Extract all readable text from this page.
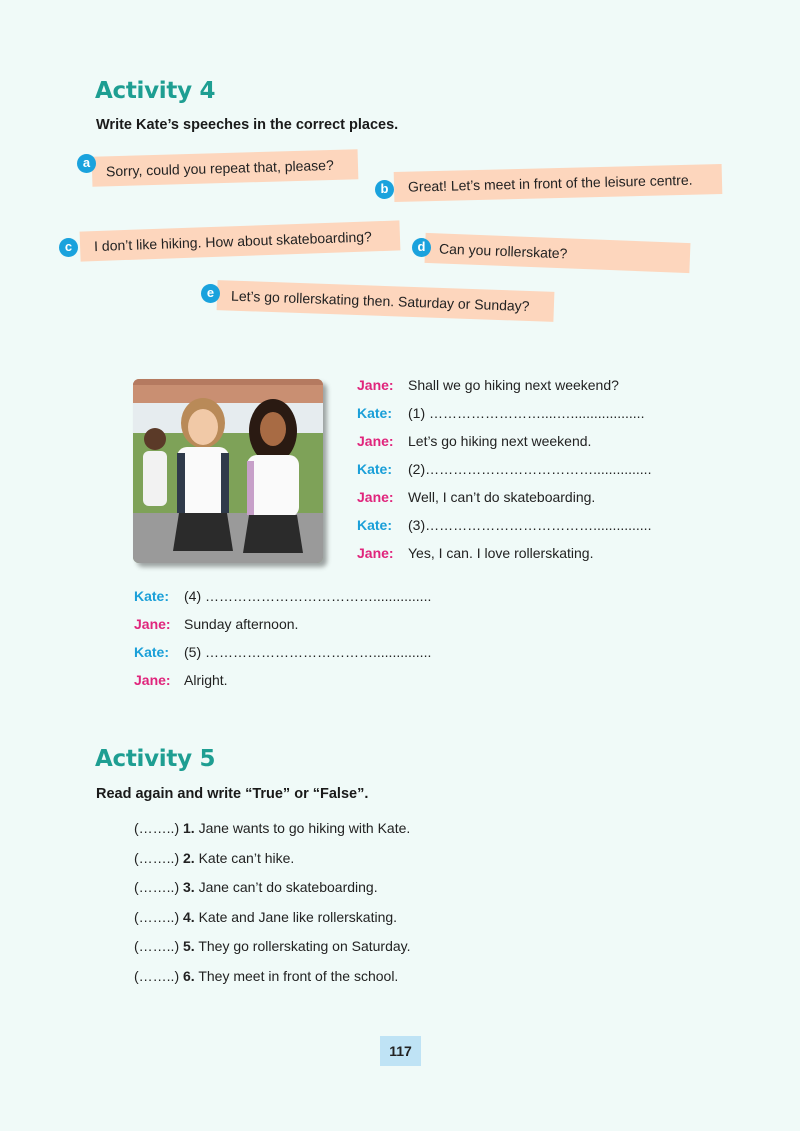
Activity 4

Write Kate’s speeches in the correct places.

Sorry, could you repeat that, please?
a
Great! Let’s meet in front of the leisure centre.
b
I don’t like hiking. How about skateboarding?
c	Can you rollerskate?
d
Let’s go rollerskating then. Saturday or Sunday?
e
Jane: Shall we go hiking next weekend?
Kate: (1) ……………………....…...................
Jane: Let’s go hiking next weekend.
Kate: (2)………………………………...............
Jane: Well, I can’t do skateboarding.
Kate: (3)………………………………...............
Jane: Yes, I can. I love rollerskating.
Kate: (4) ………………………………...............
Jane: Sunday afternoon.
Kate: (5) ………………………………...............
Jane: Alright.
Activity 5

Read again and write “True” or “False”.

(……..) 1. Jane wants to go hiking with Kate.
(……..) 2. Kate can’t hike.
(……..) 3. Jane can’t do skateboarding.
(……..) 4. Kate and Jane like rollerskating.
(……..) 5. They go rollerskating on Saturday.
(……..) 6. They meet in front of the school.
117
